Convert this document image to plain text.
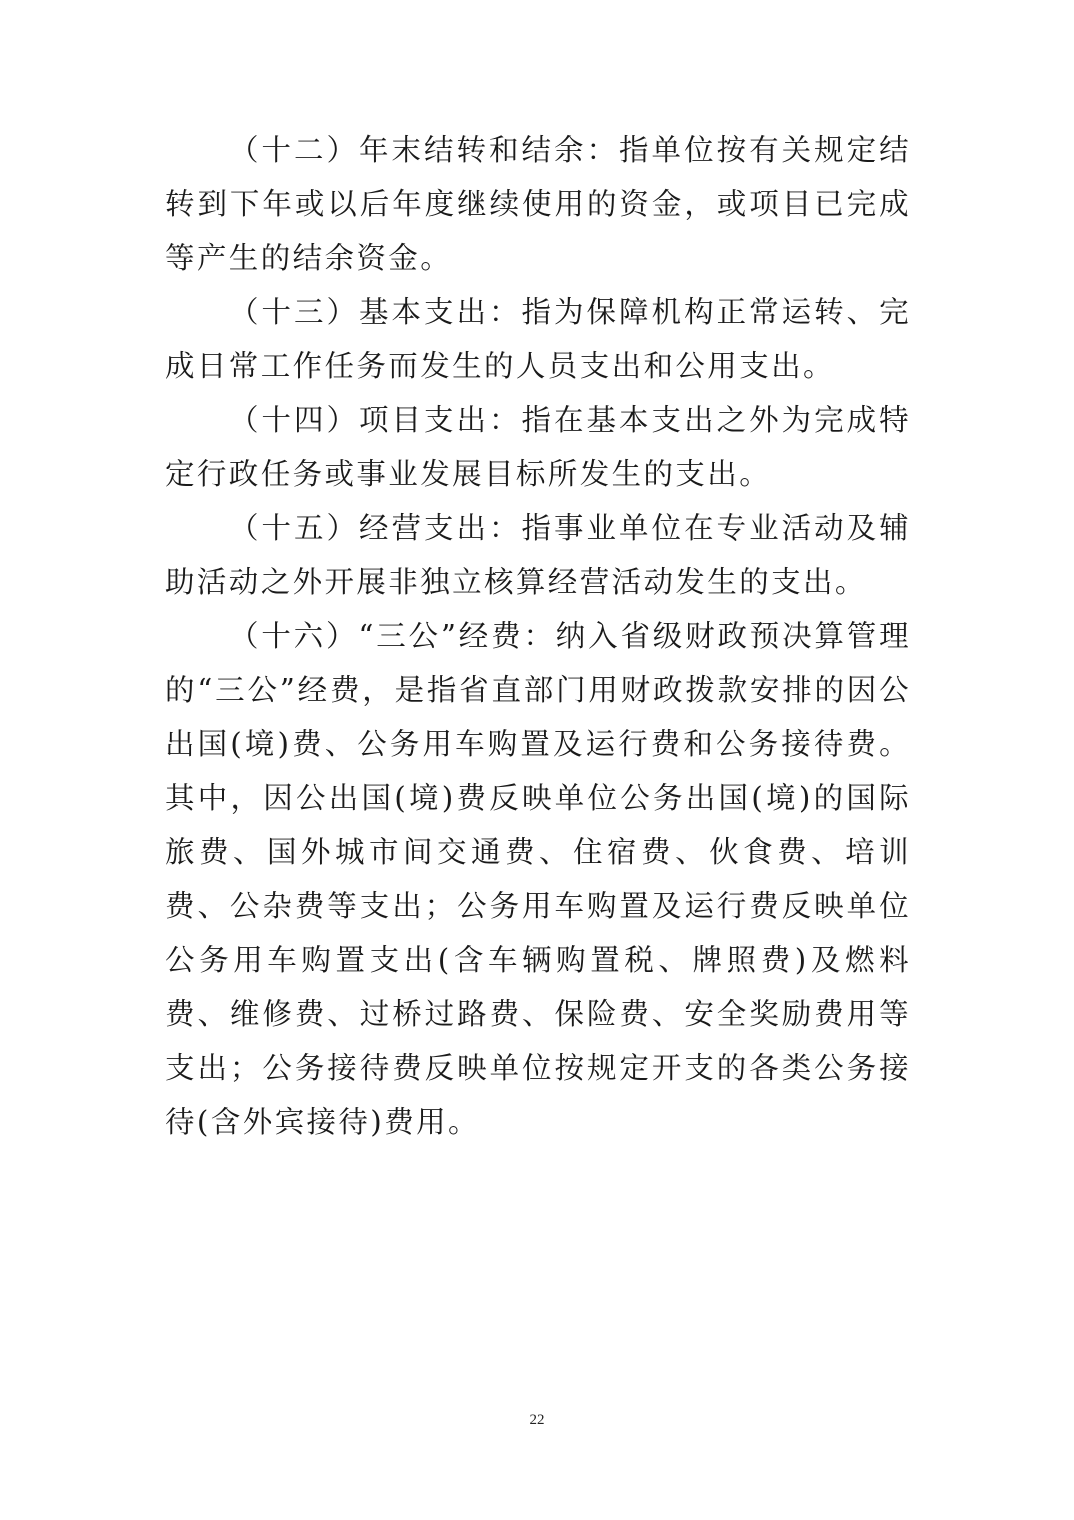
（十二）年末结转和结余：指单位按有关规定结转到下年或以后年度继续使用的资金，或项目已完成等产生的结余资金。

（十三）基本支出：指为保障机构正常运转、完成日常工作任务而发生的人员支出和公用支出。

（十四）项目支出：指在基本支出之外为完成特定行政任务或事业发展目标所发生的支出。

（十五）经营支出：指事业单位在专业活动及辅助活动之外开展非独立核算经营活动发生的支出。

（十六）“三公”经费：纳入省级财政预决算管理的“三公”经费，是指省直部门用财政拨款安排的因公出国(境)费、公务用车购置及运行费和公务接待费。其中，因公出国(境)费反映单位公务出国(境)的国际旅费、国外城市间交通费、住宿费、伙食费、培训费、公杂费等支出；公务用车购置及运行费反映单位公务用车购置支出(含车辆购置税、牌照费)及燃料费、维修费、过桥过路费、保险费、安全奖励费用等支出；公务接待费反映单位按规定开支的各类公务接待(含外宾接待)费用。

22
